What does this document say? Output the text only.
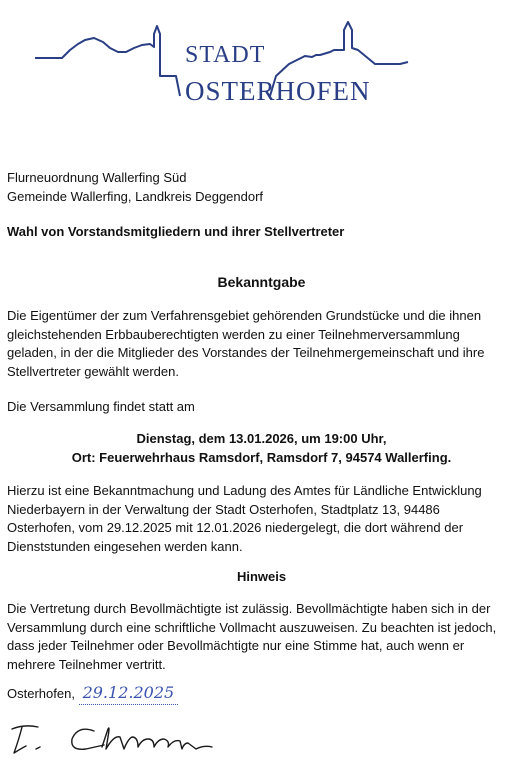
STADT
OSTERHOFEN
Flurneuordnung Wallerfing Süd
Gemeinde Wallerfing, Landkreis Deggendorf
Wahl von Vorstandsmitgliedern und ihrer Stellvertreter
Bekanntgabe
Die Eigentümer der zum Verfahrensgebiet gehörenden Grundstücke und die ihnen
gleichstehenden Erbbauberechtigten werden zu einer Teilnehmerversammlung
geladen, in der die Mitglieder des Vorstandes der Teilnehmergemeinschaft und ihre
Stellvertreter gewählt werden.
Die Versammlung findet statt am
Dienstag, dem 13.01.2026, um 19:00 Uhr,
Ort: Feuerwehrhaus Ramsdorf, Ramsdorf 7, 94574 Wallerfing.
Hierzu ist eine Bekanntmachung und Ladung des Amtes für Ländliche Entwicklung
Niederbayern in der Verwaltung der Stadt Osterhofen, Stadtplatz 13, 94486
Osterhofen, vom 29.12.2025 mit 12.01.2026 niedergelegt, die dort während der
Dienststunden eingesehen werden kann.
Hinweis
Die Vertretung durch Bevollmächtigte ist zulässig. Bevollmächtigte haben sich in der
Versammlung durch eine schriftliche Vollmacht auszuweisen. Zu beachten ist jedoch,
dass jeder Teilnehmer oder Bevollmächtigte nur eine Stimme hat, auch wenn er
mehrere Teilnehmer vertritt.
Osterhofen, 29.12.2025
